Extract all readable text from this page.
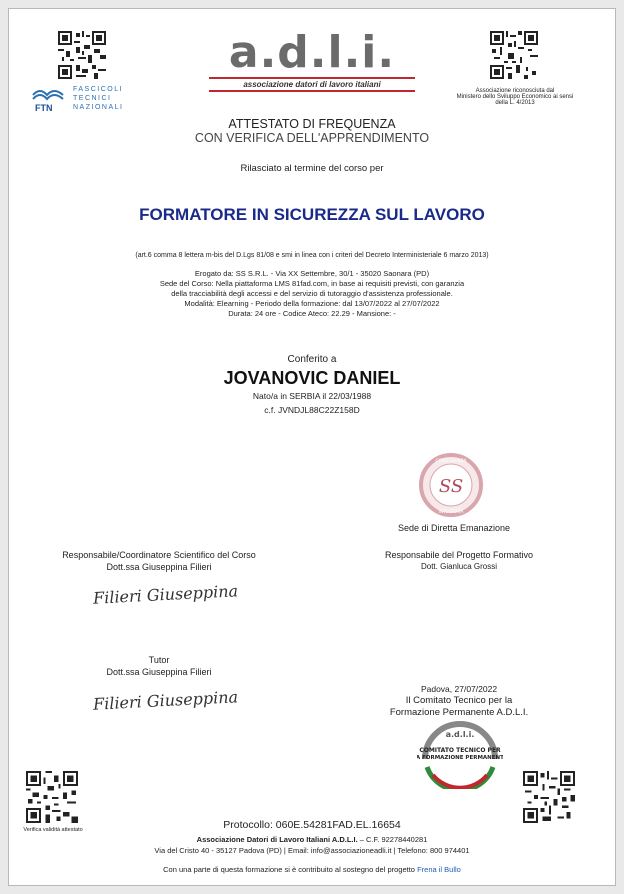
FTN
FASCICOLI
TECNICI
NAZIONALI
a.d.l.i.
associazione datori di lavoro italiani
Associazione riconosciuta dal
Ministero dello Sviluppo Economico ai sensi
della L. 4/2013
ATTESTATO DI FREQUENZA
CON VERIFICA DELL'APPRENDIMENTO
Rilasciato al termine del corso per
FORMATORE IN SICUREZZA SUL LAVORO
(art.6 comma 8 lettera m-bis del D.Lgs 81/08 e smi in linea con i criteri del Decreto Interministeriale 6 marzo 2013)
Erogato da: SS S.R.L. - Via XX Settembre, 30/1 - 35020 Saonara (PD)
Sede del Corso: Nella piattaforma LMS 81fad.com, in base ai requisiti previsti, con garanzia
della tracciabilità degli accessi e del servizio di tutoraggio d'assistenza professionale.
Modalità: Elearning - Periodo della formazione: dal 13/07/2022 al 27/07/2022
Durata: 24 ore - Codice Ateco: 22.29 - Mansione: -
Conferito a
JOVANOVIC DANIEL
Nato/a in SERBIA il 22/03/1988
c.f. JVNDJL88C22Z158D
SS
CONSULENZA
INTEGRATA
Sede di Diretta Emanazione
Responsabile/Coordinatore Scientifico del Corso
Dott.ssa Giuseppina Filieri
Filieri Giuseppina
Responsabile del Progetto Formativo
Dott. Gianluca Grossi
Tutor
Dott.ssa Giuseppina Filieri
Filieri Giuseppina	Padova, 27/07/2022
Il Comitato Tecnico per la
Formazione Permanente A.D.L.I.
a.d.l.i.
COMITATO TECNICO PER
LA FORMAZIONE PERMANENTE
Verifica validità attestato	Protocollo: 060E.54281FAD.EL.16654
Associazione Datori di Lavoro Italiani A.D.L.I. – C.F. 92278440281
Via del Cristo 40 - 35127 Padova (PD) | Email: info@associazioneadli.it | Telefono: 800 974401
Con una parte di questa formazione si è contribuito al sostegno del progetto Frena il Bullo
